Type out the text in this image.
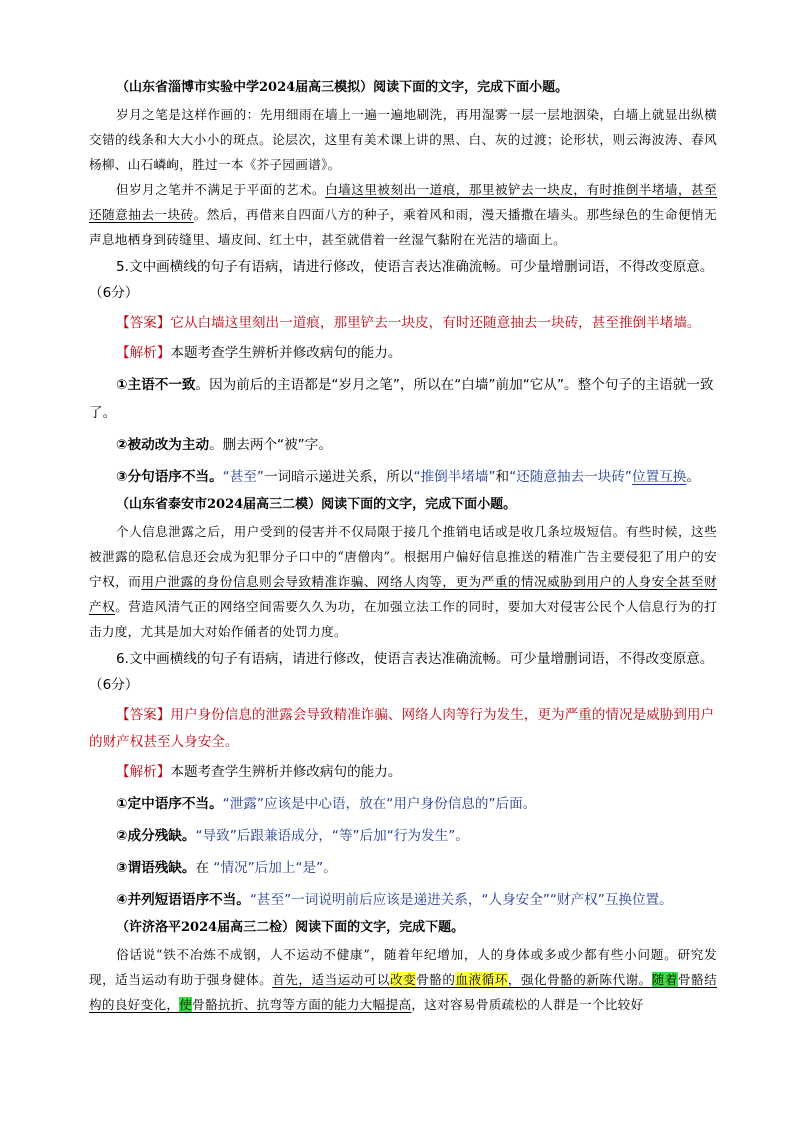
（山东省淄博市实验中学2024届高三模拟）阅读下面的文字，完成下面小题。

岁月之笔是这样作画的：先用细雨在墙上一遍一遍地刷洗，再用湿雾一层一层地洇染，白墙上就显出纵横交错的线条和大大小小的斑点。论层次，这里有美术课上讲的黑、白、灰的过渡；论形状，则云海波涛、春风杨柳、山石嶙峋，胜过一本《芥子园画谱》。

但岁月之笔并不满足于平面的艺术。白墙这里被刻出一道痕，那里被铲去一块皮，有时推倒半堵墙，甚至还随意抽去一块砖。然后，再借来自四面八方的种子，乘着风和雨，漫天播撒在墙头。那些绿色的生命便悄无声息地栖身到砖缝里、墙皮间、红土中，甚至就借着一丝湿气黏附在光洁的墙面上。

5.文中画横线的句子有语病，请进行修改，使语言表达准确流畅。可少量增删词语，不得改变原意。（6分）

【答案】它从白墙这里刻出一道痕，那里铲去一块皮，有时还随意抽去一块砖，甚至推倒半堵墙。

【解析】本题考查学生辨析并修改病句的能力。

①主语不一致。因为前后的主语都是“岁月之笔”，所以在“白墙”前加“它从”。整个句子的主语就一致了。

②被动改为主动。删去两个“被”字。

③分句语序不当。“甚至”一词暗示递进关系，所以“推倒半堵墙”和“还随意抽去一块砖”位置互换。

（山东省泰安市2024届高三二模）阅读下面的文字，完成下面小题。

个人信息泄露之后，用户受到的侵害并不仅局限于接几个推销电话或是收几条垃圾短信。有些时候，这些被泄露的隐私信息还会成为犯罪分子口中的“唐僧肉”。根据用户偏好信息推送的精准广告主要侵犯了用户的安宁权，而用户泄露的身份信息则会导致精准诈骗、网络人肉等，更为严重的情况威胁到用户的人身安全甚至财产权。营造风清气正的网络空间需要久久为功，在加强立法工作的同时，要加大对侵害公民个人信息行为的打击力度，尤其是加大对始作俑者的处罚力度。

6.文中画横线的句子有语病，请进行修改，使语言表达准确流畅。可少量增删词语，不得改变原意。（6分）

【答案】用户身份信息的泄露会导致精准诈骗、网络人肉等行为发生，更为严重的情况是威胁到用户的财产权甚至人身安全。

【解析】本题考查学生辨析并修改病句的能力。

①定中语序不当。“泄露”应该是中心语，放在“用户身份信息的”后面。

②成分残缺。“导致”后跟兼语成分，“等”后加“行为发生”。

③谓语残缺。在 “情况”后加上“是”。

④并列短语语序不当。“甚至”一词说明前后应该是递进关系，“人身安全”“财产权”互换位置。

（许济洛平2024届高三二检）阅读下面的文字，完成下题。

俗话说“铁不冶炼不成钢，人不运动不健康”，随着年纪增加，人的身体或多或少都有些小问题。研究发现，适当运动有助于强身健体。首先，适当运动可以改变骨骼的血液循环，强化骨骼的新陈代谢。随着骨骼结构的良好变化，使骨骼抗折、抗弯等方面的能力大幅提高，这对容易骨质疏松的人群是一个比较好
